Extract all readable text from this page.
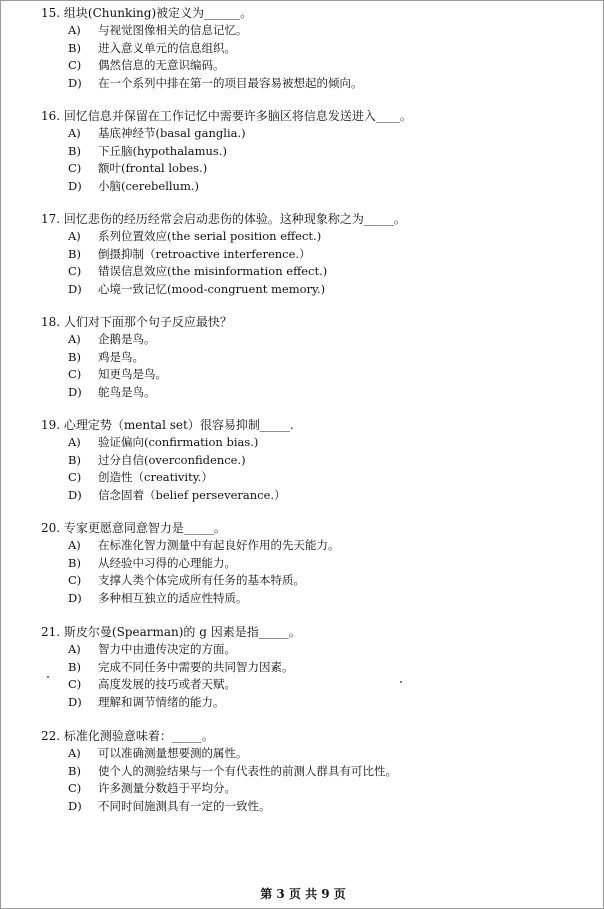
15. 组块(Chunking)被定义为______。
A) 与视觉图像相关的信息记忆。
B) 进入意义单元的信息组织。
C) 偶然信息的无意识编码。
D) 在一个系列中排在第一的项目最容易被想起的倾向。
16. 回忆信息并保留在工作记忆中需要许多脑区将信息发送进入____。
A) 基底神经节(basal ganglia.)
B) 下丘脑(hypothalamus.)
C) 额叶(frontal lobes.)
D) 小脑(cerebellum.)
17. 回忆悲伤的经历经常会启动悲伤的体验。这种现象称之为_____。
A) 系列位置效应(the serial position effect.)
B) 倒摄抑制（retroactive interference.）
C) 错误信息效应(the misinformation effect.)
D) 心境一致记忆(mood-congruent memory.)
18. 人们对下面那个句子反应最快？
A) 企鹅是鸟。
B) 鸡是鸟。
C) 知更鸟是鸟。
D) 鸵鸟是鸟。
19. 心理定势（mental set）很容易抑制_____.
A) 验证偏向(confirmation bias.)
B) 过分自信(overconfidence.)
C) 创造性（creativity.）
D) 信念固着（belief perseverance.）
20. 专家更愿意同意智力是_____。
A) 在标准化智力测量中有起良好作用的先天能力。
B) 从经验中习得的心理能力。
C) 支撑人类个体完成所有任务的基本特质。
D) 多种相互独立的适应性特质。
21. 斯皮尔曼(Spearman)的 g 因素是指_____。
A) 智力中由遗传决定的方面。
B) 完成不同任务中需要的共同智力因素。
C) 高度发展的技巧或者天赋。
D) 理解和调节情绪的能力。
22. 标准化测验意味着：_____。
A) 可以准确测量想要测的属性。
B) 使个人的测验结果与一个有代表性的前测人群具有可比性。
C) 许多测量分数趋于平均分。
D) 不同时间施测具有一定的一致性。
第 3 页 共 9 页
